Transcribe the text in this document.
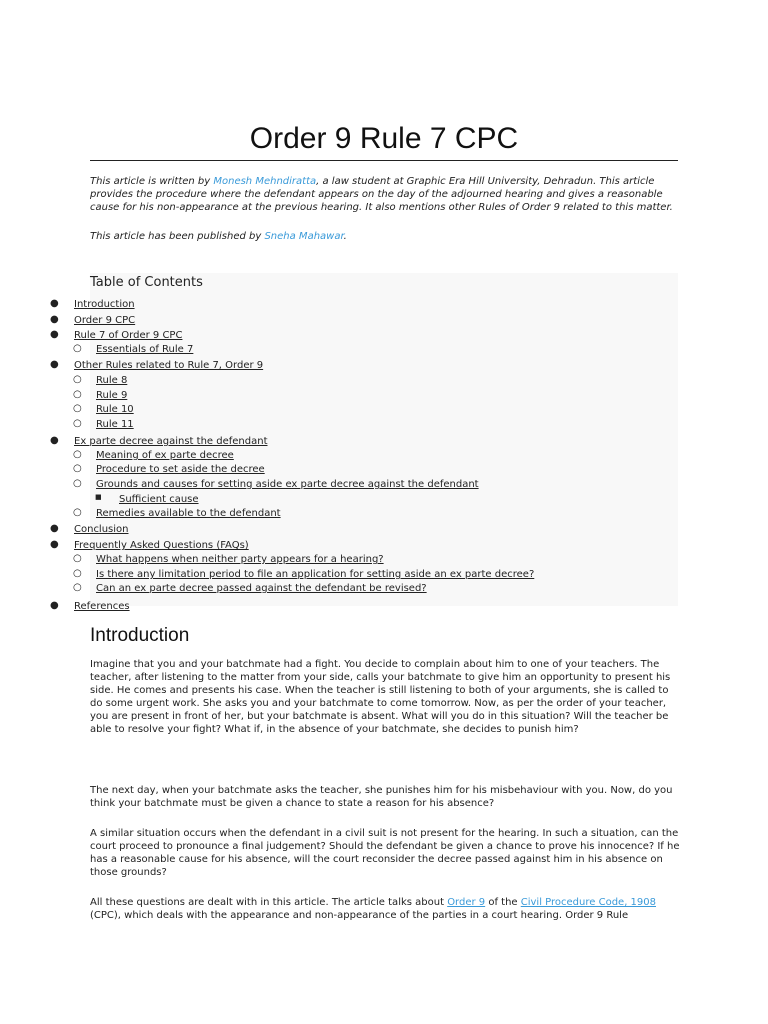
Order 9 Rule 7 CPC

This article is written by Monesh Mehndiratta, a law student at Graphic Era Hill University, Dehradun. This article provides the procedure where the defendant appears on the day of the adjourned hearing and gives a reasonable cause for his non-appearance at the previous hearing. It also mentions other Rules of Order 9 related to this matter.

This article has been published by Sneha Mahawar.

Table of Contents
● Introduction
● Order 9 CPC
● Rule 7 of Order 9 CPC
○ Essentials of Rule 7
● Other Rules related to Rule 7, Order 9
○ Rule 8
○ Rule 9
○ Rule 10
○ Rule 11
● Ex parte decree against the defendant
○ Meaning of ex parte decree
○ Procedure to set aside the decree
○ Grounds and causes for setting aside ex parte decree against the defendant
■ Sufficient cause
○ Remedies available to the defendant
● Conclusion
● Frequently Asked Questions (FAQs)
○ What happens when neither party appears for a hearing?
○ Is there any limitation period to file an application for setting aside an ex parte decree?
○ Can an ex parte decree passed against the defendant be revised?
● References
Introduction

Imagine that you and your batchmate had a fight. You decide to complain about him to one of your teachers. The teacher, after listening to the matter from your side, calls your batchmate to give him an opportunity to present his side. He comes and presents his case. When the teacher is still listening to both of your arguments, she is called to do some urgent work. She asks you and your batchmate to come tomorrow. Now, as per the order of your teacher, you are present in front of her, but your batchmate is absent. What will you do in this situation? Will the teacher be able to resolve your fight? What if, in the absence of your batchmate, she decides to punish him?

The next day, when your batchmate asks the teacher, she punishes him for his misbehaviour with you. Now, do you think your batchmate must be given a chance to state a reason for his absence?

A similar situation occurs when the defendant in a civil suit is not present for the hearing. In such a situation, can the court proceed to pronounce a final judgement? Should the defendant be given a chance to prove his innocence? If he has a reasonable cause for his absence, will the court reconsider the decree passed against him in his absence on those grounds?

All these questions are dealt with in this article. The article talks about Order 9 of the Civil Procedure Code, 1908 (CPC), which deals with the appearance and non-appearance of the parties in a court hearing. Order 9 Rule
